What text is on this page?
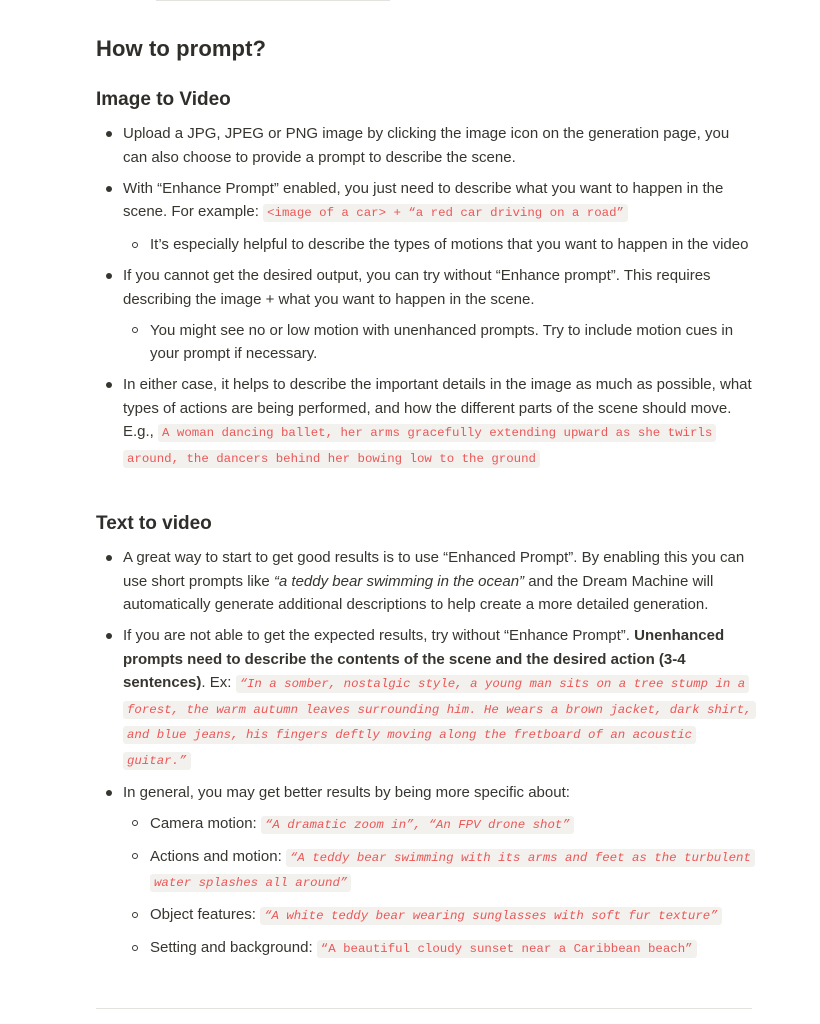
How to prompt?
Image to Video
Upload a JPG, JPEG or PNG image by clicking the image icon on the generation page, you can also choose to provide a prompt to describe the scene.
With “Enhance Prompt” enabled, you just need to describe what you want to happen in the scene. For example: <image of a car> + “a red car driving on a road”
It’s especially helpful to describe the types of motions that you want to happen in the video
If you cannot get the desired output, you can try without “Enhance prompt”. This requires describing the image + what you want to happen in the scene.
You might see no or low motion with unenhanced prompts. Try to include motion cues in your prompt if necessary.
In either case, it helps to describe the important details in the image as much as possible, what types of actions are being performed, and how the different parts of the scene should move. E.g., A woman dancing ballet, her arms gracefully extending upward as she twirls around, the dancers behind her bowing low to the ground
Text to video
A great way to start to get good results is to use “Enhanced Prompt”. By enabling this you can use short prompts like “a teddy bear swimming in the ocean” and the Dream Machine will automatically generate additional descriptions to help create a more detailed generation.
If you are not able to get the expected results, try without “Enhance Prompt”. Unenhanced prompts need to describe the contents of the scene and the desired action (3-4 sentences). Ex: “In a somber, nostalgic style, a young man sits on a tree stump in a forest, the warm autumn leaves surrounding him. He wears a brown jacket, dark shirt, and blue jeans, his fingers deftly moving along the fretboard of an acoustic guitar.”
In general, you may get better results by being more specific about:
Camera motion: “A dramatic zoom in”, “An FPV drone shot”
Actions and motion: “A teddy bear swimming with its arms and feet as the turbulent water splashes all around”
Object features: “A white teddy bear wearing sunglasses with soft fur texture”
Setting and background: “A beautiful cloudy sunset near a Caribbean beach”
